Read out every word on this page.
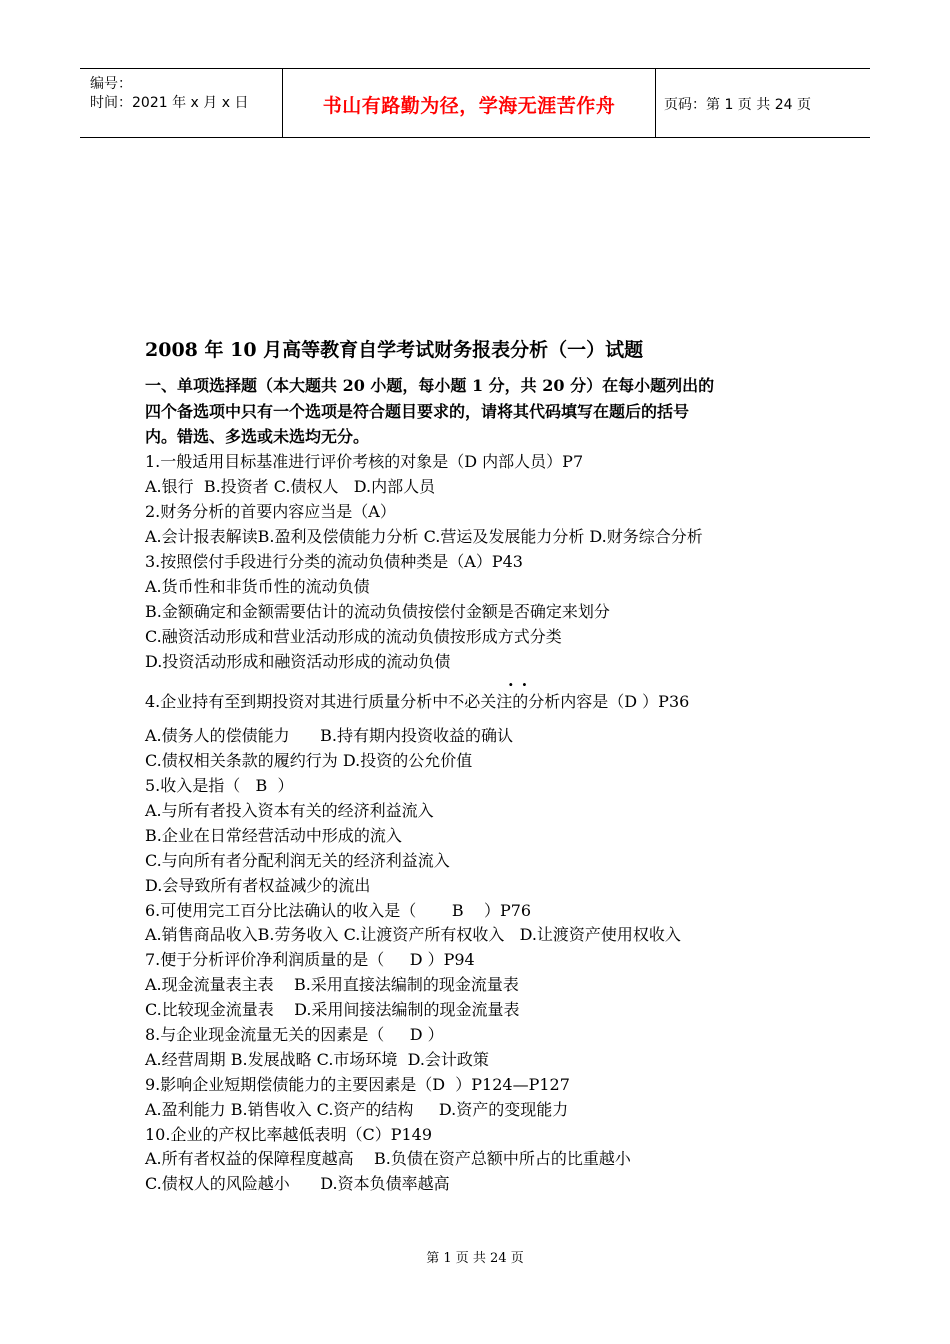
编号：
时间：2021 年 x 月 x 日	书山有路勤为径，学海无涯苦作舟	页码：第 1 页 共 24 页
2008 年 10 月高等教育自学考试财务报表分析（一）试题
一、单项选择题（本大题共 20 小题，每小题 1 分，共 20 分）在每小题列出的
四个备选项中只有一个选项是符合题目要求的，请将其代码填写在题后的括号
内。错选、多选或未选均无分。
1.一般适用目标基准进行评价考核的对象是（D 内部人员）P7
A.银行  B.投资者 C.债权人   D.内部人员
2.财务分析的首要内容应当是（A）
A.会计报表解读B.盈利及偿债能力分析 C.营运及发展能力分析 D.财务综合分析
3.按照偿付手段进行分类的流动负债种类是（A）P43
A.货币性和非货币性的流动负债
B.金额确定和金额需要估计的流动负债按偿付金额是否确定来划分
C.融资活动形成和营业活动形成的流动负债按形成方式分类
D.投资活动形成和融资活动形成的流动负债
..
4.企业持有至到期投资对其进行质量分析中不必关注的分析内容是（D ）P36
A.债务人的偿债能力      B.持有期内投资收益的确认
C.债权相关条款的履约行为 D.投资的公允价值
5.收入是指（   B  ）
A.与所有者投入资本有关的经济利益流入
B.企业在日常经营活动中形成的流入
C.与向所有者分配利润无关的经济利益流入
D.会导致所有者权益减少的流出
6.可使用完工百分比法确认的收入是（       B    ）P76
A.销售商品收入B.劳务收入 C.让渡资产所有权收入   D.让渡资产使用权收入
7.便于分析评价净利润质量的是（     D ）P94
A.现金流量表主表    B.采用直接法编制的现金流量表
C.比较现金流量表    D.采用间接法编制的现金流量表
8.与企业现金流量无关的因素是（     D ）
A.经营周期 B.发展战略 C.市场环境  D.会计政策
9.影响企业短期偿债能力的主要因素是（D  ）P124—P127
A.盈利能力 B.销售收入 C.资产的结构     D.资产的变现能力
10.企业的产权比率越低表明（C）P149
A.所有者权益的保障程度越高    B.负债在资产总额中所占的比重越小
C.债权人的风险越小      D.资本负债率越高
第 1 页 共 24 页
